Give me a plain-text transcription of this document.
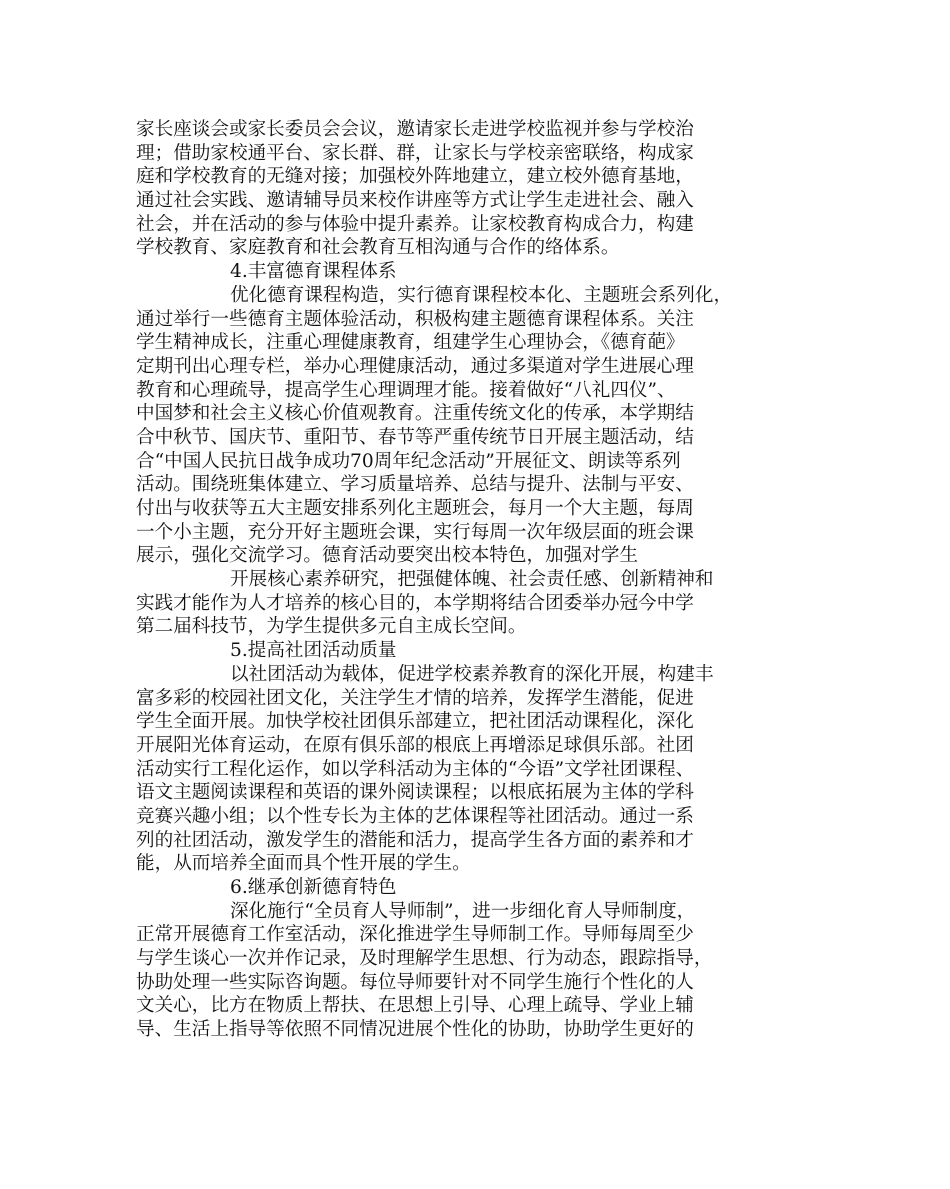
家长座谈会或家长委员会会议，邀请家长走进学校监视并参与学校治
理；借助家校通平台、家长群、群，让家长与学校亲密联络，构成家
庭和学校教育的无缝对接；加强校外阵地建立，建立校外德育基地，
通过社会实践、邀请辅导员来校作讲座等方式让学生走进社会、融入
社会，并在活动的参与体验中提升素养。让家校教育构成合力，构建
学校教育、家庭教育和社会教育互相沟通与合作的络体系。
4.丰富德育课程体系
优化德育课程构造，实行德育课程校本化、主题班会系列化，
通过举行一些德育主题体验活动，积极构建主题德育课程体系。关注
学生精神成长，注重心理健康教育，组建学生心理协会，《德育葩》
定期刊出心理专栏，举办心理健康活动，通过多渠道对学生进展心理
教育和心理疏导，提高学生心理调理才能。接着做好“八礼四仪”、
中国梦和社会主义核心价值观教育。注重传统文化的传承，本学期结
合中秋节、国庆节、重阳节、春节等严重传统节日开展主题活动，结
合“中国人民抗日战争成功70周年纪念活动”开展征文、朗读等系列
活动。围绕班集体建立、学习质量培养、总结与提升、法制与平安、
付出与收获等五大主题安排系列化主题班会，每月一个大主题，每周
一个小主题，充分开好主题班会课，实行每周一次年级层面的班会课
展示，强化交流学习。德育活动要突出校本特色，加强对学生
开展核心素养研究，把强健体魄、社会责任感、创新精神和
实践才能作为人才培养的核心目的，本学期将结合团委举办冠今中学
第二届科技节，为学生提供多元自主成长空间。
5.提高社团活动质量
以社团活动为载体，促进学校素养教育的深化开展，构建丰
富多彩的校园社团文化，关注学生才情的培养，发挥学生潜能，促进
学生全面开展。加快学校社团俱乐部建立，把社团活动课程化，深化
开展阳光体育运动，在原有俱乐部的根底上再增添足球俱乐部。社团
活动实行工程化运作，如以学科活动为主体的“今语”文学社团课程、
语文主题阅读课程和英语的课外阅读课程；以根底拓展为主体的学科
竞赛兴趣小组；以个性专长为主体的艺体课程等社团活动。通过一系
列的社团活动，激发学生的潜能和活力，提高学生各方面的素养和才
能，从而培养全面而具个性开展的学生。
6.继承创新德育特色
深化施行“全员育人导师制”，进一步细化育人导师制度，
正常开展德育工作室活动，深化推进学生导师制工作。导师每周至少
与学生谈心一次并作记录，及时理解学生思想、行为动态，跟踪指导，
协助处理一些实际咨询题。每位导师要针对不同学生施行个性化的人
文关心，比方在物质上帮扶、在思想上引导、心理上疏导、学业上辅
导、生活上指导等依照不同情况进展个性化的协助，协助学生更好的
